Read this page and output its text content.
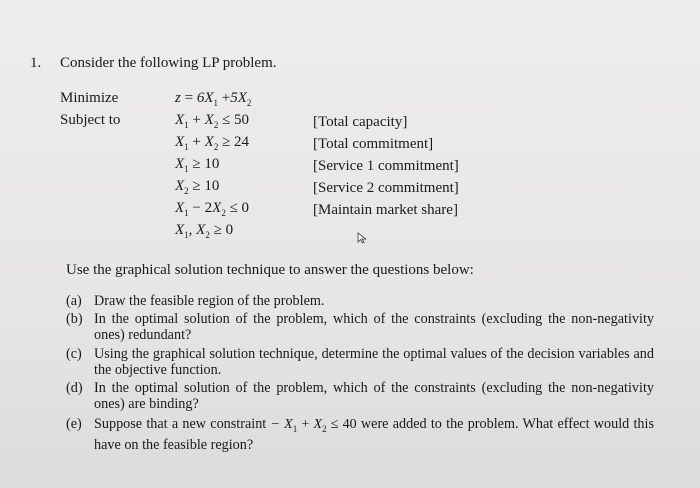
1. Consider the following LP problem.
Minimize
Subject to
$z = 6X_1 +5X_2$
$X_1 + X_2 \le 50$
$X_1 + X_2 \ge 24$
$X_1 \ge 10$
$X_2 \ge 10$
$X_1 - 2X_2 \le 0$
$X_1$, $X_2 \ge 0$
[Total capacity]
[Total commitment]
[Service 1 commitment]
[Service 2 commitment]
[Maintain market share]
Use the graphical solution technique to answer the questions below:
(a) Draw the feasible region of the problem.
(b) In the optimal solution of the problem, which of the constraints (excluding the non-negativity ones) redundant?
(c) Using the graphical solution technique, determine the optimal values of the decision variables and the objective function.
(d) In the optimal solution of the problem, which of the constraints (excluding the non-negativity ones) are binding?
(e) Suppose that a new constraint − $X_1 + X_2 \le 40$ were added to the problem. What effect would this have on the feasible region?
